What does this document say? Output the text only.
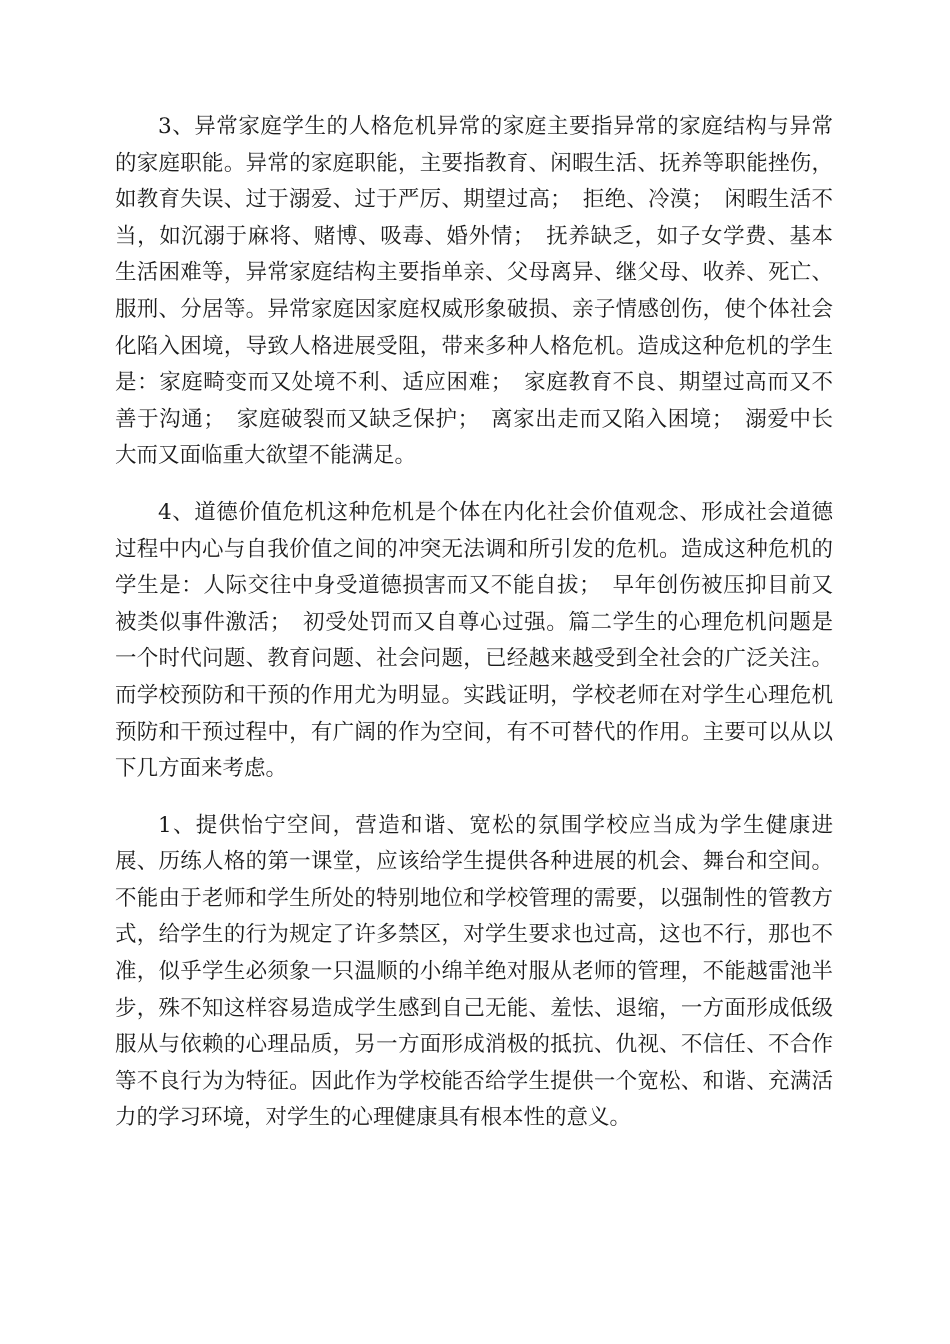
3、异常家庭学生的人格危机异常的家庭主要指异常的家庭结构与异常的家庭职能。异常的家庭职能，主要指教育、闲暇生活、抚养等职能挫伤，如教育失误、过于溺爱、过于严厉、期望过高；　拒绝、冷漠；　闲暇生活不当，如沉溺于麻将、赌博、吸毒、婚外情；　抚养缺乏，如子女学费、基本生活困难等，异常家庭结构主要指单亲、父母离异、继父母、收养、死亡、服刑、分居等。异常家庭因家庭权威形象破损、亲子情感创伤，使个体社会化陷入困境，导致人格进展受阻，带来多种人格危机。造成这种危机的学生是：家庭畸变而又处境不利、适应困难；　家庭教育不良、期望过高而又不善于沟通；　家庭破裂而又缺乏保护；　离家出走而又陷入困境；　溺爱中长大而又面临重大欲望不能满足。

4、道德价值危机这种危机是个体在内化社会价值观念、形成社会道德过程中内心与自我价值之间的冲突无法调和所引发的危机。造成这种危机的学生是：人际交往中身受道德损害而又不能自拔；　早年创伤被压抑目前又被类似事件激活；　初受处罚而又自尊心过强。篇二学生的心理危机问题是一个时代问题、教育问题、社会问题，已经越来越受到全社会的广泛关注。而学校预防和干预的作用尤为明显。实践证明，学校老师在对学生心理危机预防和干预过程中，有广阔的作为空间，有不可替代的作用。主要可以从以下几方面来考虑。

1、提供怡宁空间，营造和谐、宽松的氛围学校应当成为学生健康进展、历练人格的第一课堂，应该给学生提供各种进展的机会、舞台和空间。不能由于老师和学生所处的特别地位和学校管理的需要，以强制性的管教方式，给学生的行为规定了许多禁区，对学生要求也过高，这也不行，那也不准，似乎学生必须象一只温顺的小绵羊绝对服从老师的管理，不能越雷池半步，殊不知这样容易造成学生感到自己无能、羞怯、退缩，一方面形成低级服从与依赖的心理品质，另一方面形成消极的抵抗、仇视、不信任、不合作等不良行为为特征。因此作为学校能否给学生提供一个宽松、和谐、充满活力的学习环境，对学生的心理健康具有根本性的意义。
